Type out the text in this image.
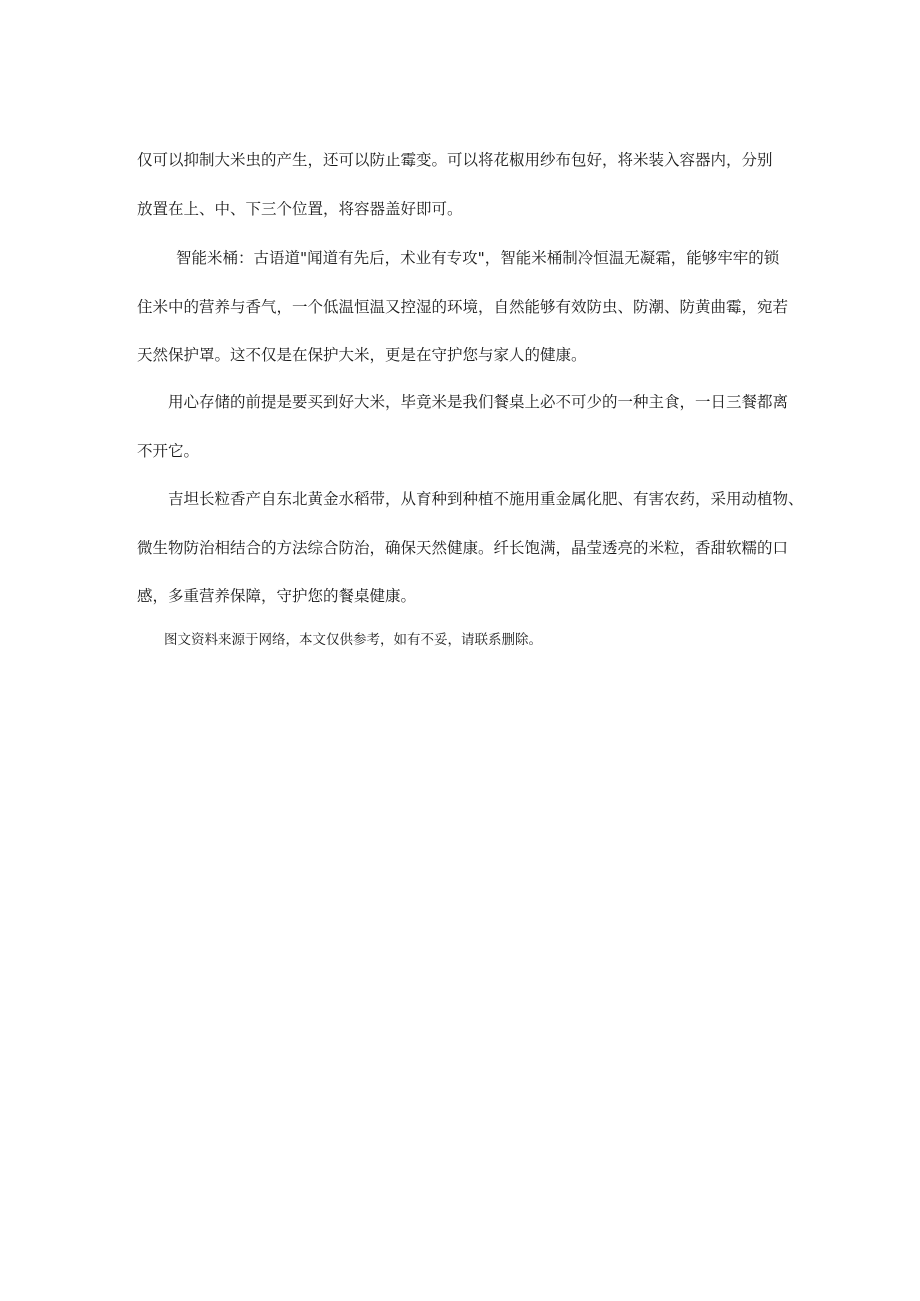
仅可以抑制大米虫的产生，还可以防止霉变。可以将花椒用纱布包好，将米装入容器内，分别
放置在上、中、下三个位置，将容器盖好即可。
智能米桶：古语道"闻道有先后，术业有专攻"，智能米桶制冷恒温无凝霜，能够牢牢的锁
住米中的营养与香气，一个低温恒温又控湿的环境，自然能够有效防虫、防潮、防黄曲霉，宛若
天然保护罩。这不仅是在保护大米，更是在守护您与家人的健康。
用心存储的前提是要买到好大米，毕竟米是我们餐桌上必不可少的一种主食，一日三餐都离
不开它。
吉坦长粒香产自东北黄金水稻带，从育种到种植不施用重金属化肥、有害农药，采用动植物、
微生物防治相结合的方法综合防治，确保天然健康。纤长饱满，晶莹透亮的米粒，香甜软糯的口
感，多重营养保障，守护您的餐桌健康。
图文资料来源于网络，本文仅供参考，如有不妥，请联系删除。
